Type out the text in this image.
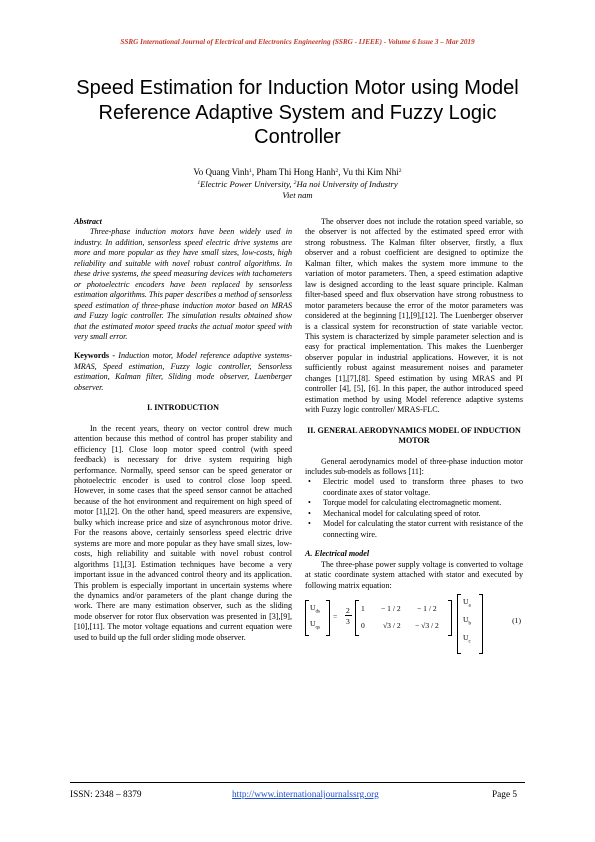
SSRG International Journal of Electrical and Electronics Engineering (SSRG - IJEEE) - Volume 6 Issue 3 – Mar 2019
Speed Estimation for Induction Motor using Model Reference Adaptive System and Fuzzy Logic Controller
Vo Quang Vinh$^1$, Pham Thi Hong Hanh$^2$, Vu thi Kim Nhi$^2$
$^1$Electric Power University, $^2$Ha noi University of Industry
Viet nam

Abstract

Three-phase induction motors have been widely used in industry. In addition, sensorless speed electric drive systems are more and more popular as they have small sizes, low-costs, high reliability and suitable with novel robust control algorithms. In these drive systems, the speed measuring devices with tachometers or photoelectric encoders have been replaced by sensorless estimation algorithms. This paper describes a method of sensorless speed estimation of three-phase induction motor based on MRAS and Fuzzy logic controller. The simulation results obtained show that the estimated motor speed tracks the actual motor speed with very small error.

Keywords - Induction motor, Model reference adaptive systems- MRAS, Speed estimation, Fuzzy logic controller, Sensorless estimation, Kalman filter, Sliding mode observer, Luenberger observer.

I. INTRODUCTION

In the recent years, theory on vector control drew much attention because this method of control has proper stability and efficiency [1]. Close loop motor speed control (with speed feedback) is necessary for drive system requiring high performance. Normally, speed sensor can be speed generator or photoelectric encoder is used to control close loop speed. However, in some cases that the speed sensor cannot be attached because of the hot environment and requirement on high speed of motor [1],[2]. On the other hand, speed measurers are expensive, bulky which increase price and size of asynchronous motor drive. For the reasons above, certainly sensorless speed electric drive systems are more and more popular as they have small sizes, low-costs, high reliability and suitable with novel robust control algorithms [1],[3]. Estimation techniques have become a very important issue in the advanced control theory and its application. This problem is especially important in uncertain systems where the dynamics and/or parameters of the plant change during the work. There are many estimation observer, such as the sliding mode observer for rotor flux observation was presented in [3],[9],[10],[11]. The motor voltage equations and current equation were used to build up the full order sliding mode observer.

The observer does not include the rotation speed variable, so the observer is not affected by the estimated speed error with strong robustness. The Kalman filter observer, firstly, a flux observer and a robust coefficient are designed to optimize the Kalman filter, which makes the system more immune to the variation of motor parameters. Then, a speed estimation adaptive law is designed according to the least square principle. Kalman filter-based speed and flux observation have strong robustness to motor parameters because the error of the motor parameters was considered at the beginning [1],[9],[12]. The Luenberger observer is a classical system for reconstruction of state variable vector. This system is characterized by simple parameter selection and is easy for practical implementation. This makes the Luenberger observer popular in industrial applications. However, it is not sufficiently robust against measurement noises and parameter changes [1],[7],[8]. Speed estimation by using MRAS and PI controller [4], [5], [6]. In this paper, the author introduced speed estimation method by using Model reference adaptive systems with Fuzzy logic controller/ MRAS-FLC.

II. GENERAL AERODYNAMICS MODEL OF INDUCTION MOTOR

General aerodynamics model of three-phase induction motor includes sub-models as follows [11]:

• Electric model used to transform three phases to two coordinate axes of stator voltage.
• Torque model for calculating electromagnetic moment.
• Mechanical model for calculating speed of rotor.
• Model for calculating the stator current with resistance of the connecting wire.

A. Electrical model

The three-phase power supply voltage is converted to voltage at static coordinate system attached with stator and executed by following matrix equation:

$U_{ds}$
$U_{qs}$
=
2
3
1 − 1 / 2 − 1 / 2
0 √3 / 2 − √3 / 2
$U_a$
$U_b$
$U_c$
(1)
ISSN: 2348 – 8379	http://www.internationaljournalssrg.org	Page 5
